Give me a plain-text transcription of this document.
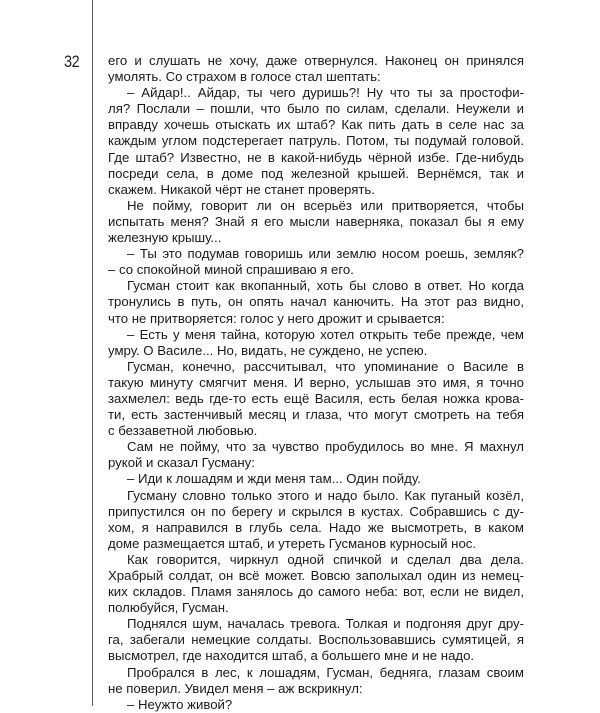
32 его и слушать не хочу, даже отвернулся. Наконец он принялся
умолять. Со страхом в голосе стал шептать:
– Айдар!.. Айдар, ты чего дуришь?! Ну что ты за простофи-
ля? Послали – пошли, что было по силам, сделали. Неужели и
вправду хочешь отыскать их штаб? Как пить дать в селе нас за
каждым углом подстерегает патруль. Потом, ты подумай головой.
Где штаб? Известно, не в какой-нибудь чёрной избе. Где-нибудь
посреди села, в доме под железной крышей. Вернёмся, так и
скажем. Никакой чёрт не станет проверять.
Не пойму, говорит ли он всерьёз или притворяется, чтобы
испытать меня? Знай я его мысли наверняка, показал бы я ему
железную крышу...
– Ты это подумав говоришь или землю носом роешь, земляк?
– со спокойной миной спрашиваю я его.
Гусман стоит как вкопанный, хоть бы слово в ответ. Но когда
тронулись в путь, он опять начал канючить. На этот раз видно,
что не притворяется: голос у него дрожит и срывается:
– Есть у меня тайна, которую хотел открыть тебе прежде, чем
умру. О Василе... Но, видать, не суждено, не успею.
Гусман, конечно, рассчитывал, что упоминание о Василе в
такую минуту смягчит меня. И верно, услышав это имя, я точно
захмелел: ведь где-то есть ещё Василя, есть белая ножка крова-
ти, есть застенчивый месяц и глаза, что могут смотреть на тебя
с беззаветной любовью.
Сам не пойму, что за чувство пробудилось во мне. Я махнул
рукой и сказал Гусману:
– Иди к лошадям и жди меня там... Один пойду.
Гусману словно только этого и надо было. Как пуганый козёл,
припустился он по берегу и скрылся в кустах. Собравшись с ду-
хом, я направился в глубь села. Надо же высмотреть, в каком
доме размещается штаб, и утереть Гусманов курносый нос.
Как говорится, чиркнул одной спичкой и сделал два дела.
Храбрый солдат, он всё может. Вовсю заполыхал один из немец-
ких складов. Пламя занялось до самого неба: вот, если не видел,
полюбуйся, Гусман.
Поднялся шум, началась тревога. Толкая и подгоняя друг дру-
га, забегали немецкие солдаты. Воспользовавшись сумятицей, я
высмотрел, где находится штаб, а большего мне и не надо.
Пробрался в лес, к лошадям, Гусман, бедняга, глазам своим
не поверил. Увидел меня – аж вскрикнул:
– Неужто живой?
